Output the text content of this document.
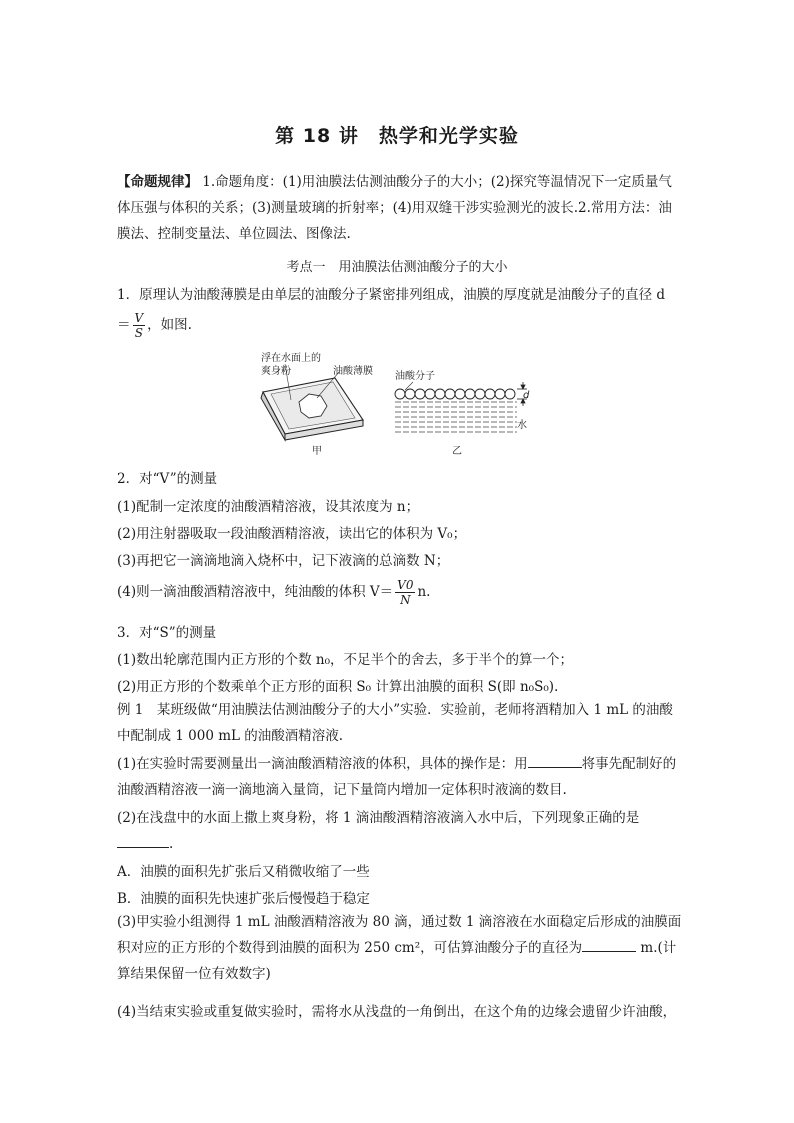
第 18 讲　热学和光学实验
【命题规律】 1.命题角度：(1)用油膜法估测油酸分子的大小；(2)探究等温情况下一定质量气体压强与体积的关系；(3)测量玻璃的折射率；(4)用双缝干涉实验测光的波长.2.常用方法：油膜法、控制变量法、单位圆法、图像法.
考点一　用油膜法估测油酸分子的大小
1．原理认为油酸薄膜是由单层的油酸分子紧密排列组成，油膜的厚度就是油酸分子的直径 d
＝ $\frac{V}{S}$ ，如图.
浮在水面上的
爽身粉	油酸薄膜
甲
油酸分子
d
水
乙
2．对“V”的测量
(1)配制一定浓度的油酸酒精溶液，设其浓度为 n；
(2)用注射器吸取一段油酸酒精溶液，读出它的体积为 V₀；
(3)再把它一滴滴地滴入烧杯中，记下液滴的总滴数 N；
(4)则一滴油酸酒精溶液中，纯油酸的体积 $V= \frac{V0}{N} n$.
3．对“S”的测量
(1)数出轮廓范围内正方形的个数 n₀，不足半个的舍去，多于半个的算一个；
(2)用正方形的个数乘单个正方形的面积 S₀ 计算出油膜的面积 S(即 n₀S₀).
例 1　某班级做“用油膜法估测油酸分子的大小”实验．实验前，老师将酒精加入 1 mL 的油酸中配制成 1 000 mL 的油酸酒精溶液.
(1)在实验时需要测量出一滴油酸酒精溶液的体积，具体的操作是：用	将事先配制好的油酸酒精溶液一滴一滴地滴入量筒，记下量筒内增加一定体积时液滴的数目.
(2)在浅盘中的水面上撒上爽身粉，将 1 滴油酸酒精溶液滴入水中后，下列现象正确的是
.
A．油膜的面积先扩张后又稍微收缩了一些
B．油膜的面积先快速扩张后慢慢趋于稳定
(3)甲实验小组测得 1 mL 油酸酒精溶液为 80 滴，通过数 1 滴溶液在水面稳定后形成的油膜面积对应的正方形的个数得到油膜的面积为 250 cm²，可估算油酸分子的直径为	m.(计算结果保留一位有效数字)
(4)当结束实验或重复做实验时，需将水从浅盘的一角倒出，在这个角的边缘会遗留少许油酸，
